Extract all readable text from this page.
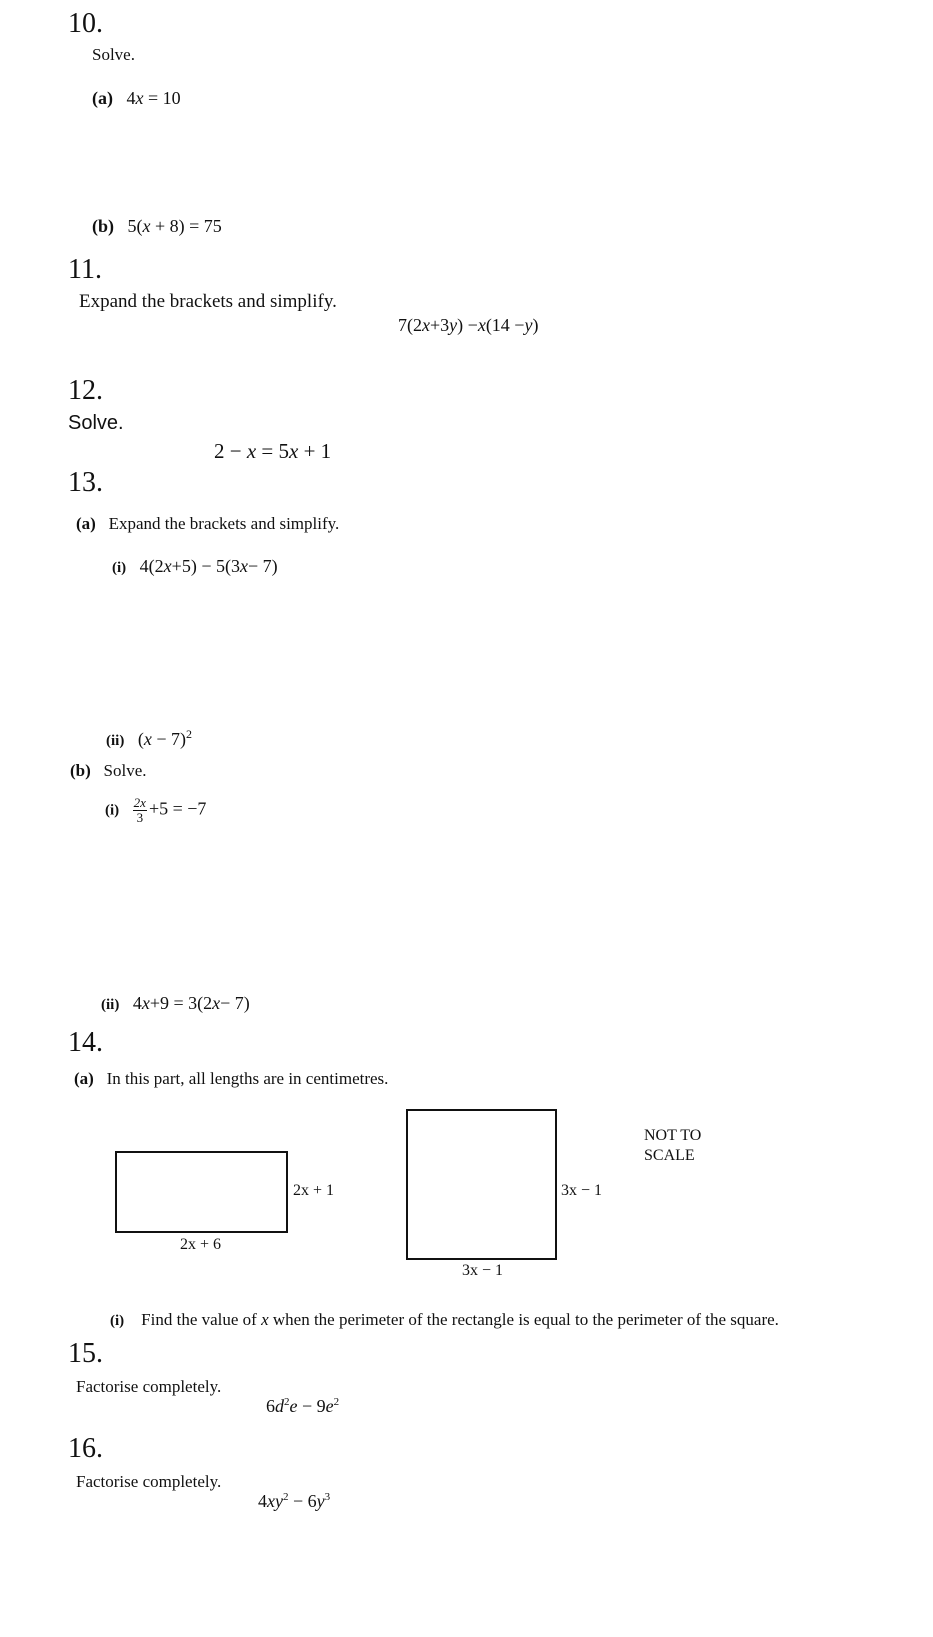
10.
Solve.
(a) 4x = 10
(b) 5(x + 8) = 75
11.
Expand the brackets and simplify.
7(2x+3y) −x(14 −y)
12.
Solve.
2 − x = 5x + 1
13.
(a) Expand the brackets and simplify.
(i) 4(2x+5) − 5(3x− 7)
(ii) $(x - 7)^2$
(b) Solve.
$(i) \frac{2x}{3} +5 = -7$
(ii) 4x+9 = 3(2x− 7)
14.
(a) In this part, all lengths are in centimetres.
2x + 1
2x + 6
3x − 1
3x − 1
NOT TO
SCALE
(i) Find the value of x when the perimeter of the rectangle is equal to the perimeter of the square.
15.
Factorise completely.
$6d^2e - 9e^2$
16.
Factorise completely.
$4xy^2 - 6y^3$
